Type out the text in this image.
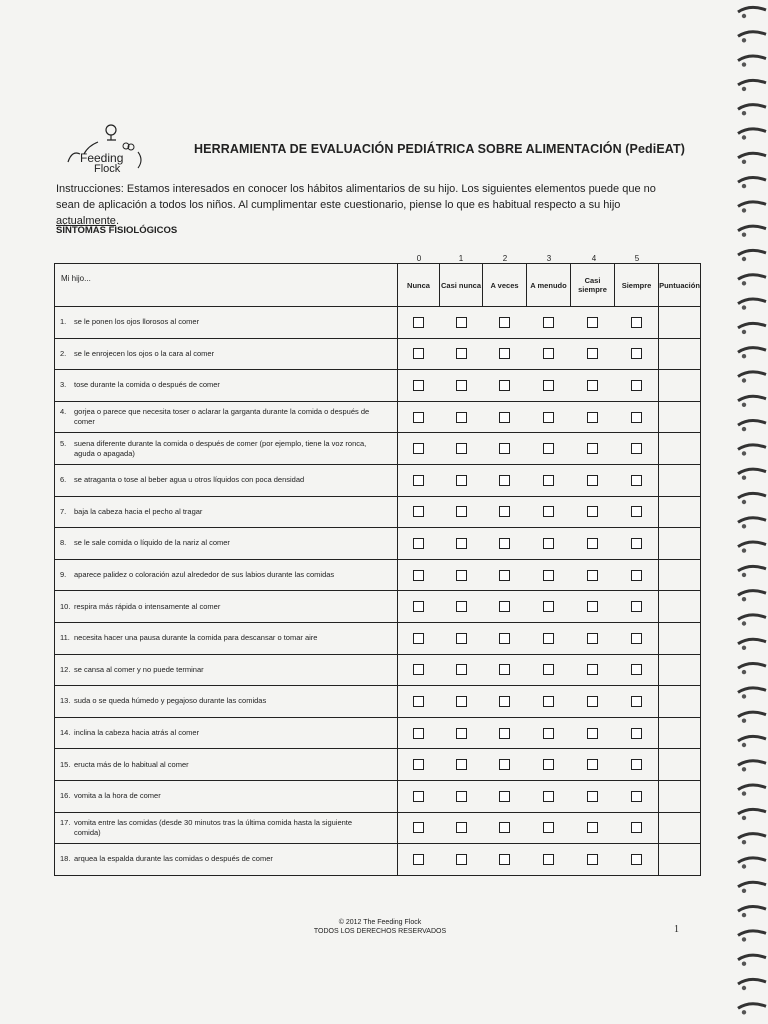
Feeding
Flock
HERRAMIENTA DE EVALUACIÓN PEDIÁTRICA SOBRE ALIMENTACIÓN (PediEAT)
Instrucciones: Estamos interesados en conocer los hábitos alimentarios de su hijo. Los siguientes elementos puede que no sean de aplicación a todos los niños. Al cumplimentar este cuestionario, piense lo que es habitual respecto a su hijo actualmente.
SÍNTOMAS FISIOLÓGICOS
0	1	2	3	4	5
Mi hijo...	Nunca	Casi nunca	A veces	A menudo	Casi siempre	Siempre	Puntuación
1. se le ponen los ojos llorosos al comer							
2. se le enrojecen los ojos o la cara al comer							
3. tose durante la comida o después de comer							
4. gorjea o parece que necesita toser o aclarar la garganta durante la comida o después de comer							
5. suena diferente durante la comida o después de comer (por ejemplo, tiene la voz ronca, aguda o apagada)							
6. se atraganta o tose al beber agua u otros líquidos con poca densidad							
7. baja la cabeza hacia el pecho al tragar							
8. se le sale comida o líquido de la nariz al comer							
9. aparece palidez o coloración azul alrededor de sus labios durante las comidas							
10. respira más rápida o intensamente al comer							
11. necesita hacer una pausa durante la comida para descansar o tomar aire							
12. se cansa al comer y no puede terminar							
13. suda o se queda húmedo y pegajoso durante las comidas							
14. inclina la cabeza hacia atrás al comer							
15. eructa más de lo habitual al comer							
16. vomita a la hora de comer							
17. vomita entre las comidas (desde 30 minutos tras la última comida hasta la siguiente comida)							
18. arquea la espalda durante las comidas o después de comer							
© 2012 The Feeding Flock
TODOS LOS DERECHOS RESERVADOS	1
